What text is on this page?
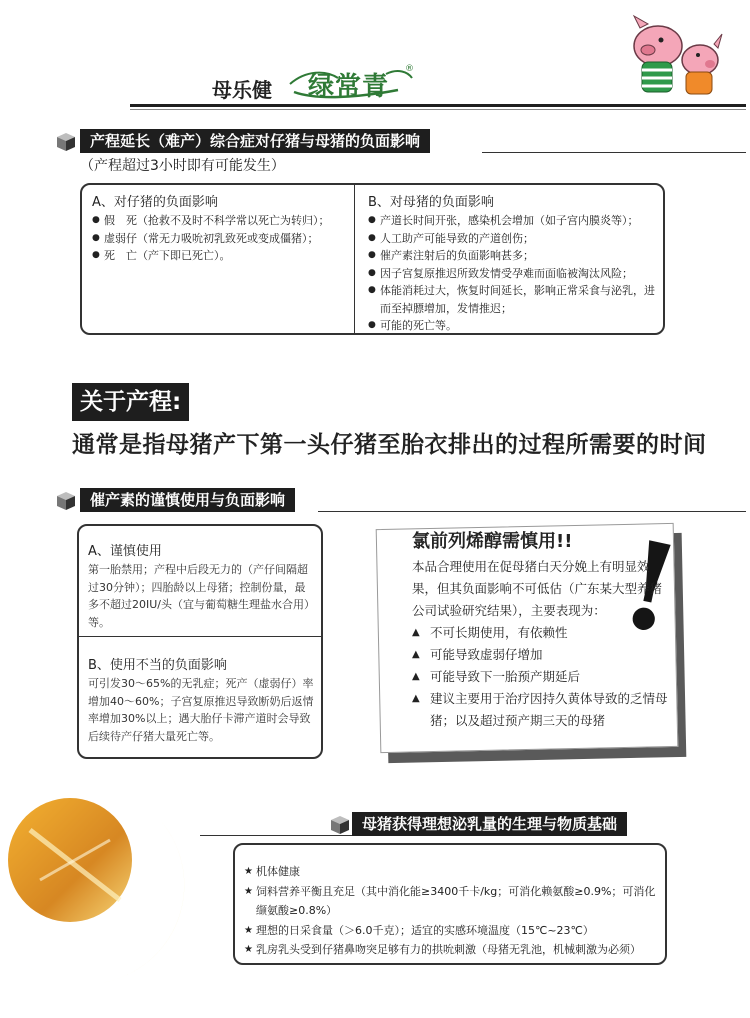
母乐健 绿常青
®
产程延长（难产）综合症对仔猪与母猪的负面影响
（产程超过3小时即有可能发生）
A、对仔猪的负面影响
● 假　死（抢救不及时不科学常以死亡为转归）；
● 虚弱仔（常无力吸吮初乳致死或变成僵猪）；
● 死　亡（产下即已死亡）。
B、对母猪的负面影响
● 产道长时间开张，感染机会增加（如子宫内膜炎等）；
● 人工助产可能导致的产道创伤；
● 催产素注射后的负面影响甚多；
● 因子宫复原推迟所致发情受孕难而面临被淘汰风险；
● 体能消耗过大，恢复时间延长，影响正常采食与泌乳，进而至掉膘增加，发情推迟；
● 可能的死亡等。
关于产程:
通常是指母猪产下第一头仔猪至胎衣排出的过程所需要的时间
催产素的谨慎使用与负面影响
A、谨慎使用
第一胎禁用；产程中后段无力的（产仔间隔超过30分钟）；四胎龄以上母猪；控制份量，最多不超过20IU/头（宜与葡萄糖生理盐水合用）等。
B、使用不当的负面影响
可引发30～65%的无乳症；死产（虚弱仔）率增加40～60%；子宫复原推迟导致断奶后返情率增加30%以上；遇大胎仔卡滞产道时会导致后续待产仔猪大量死亡等。
!
氯前列烯醇需慎用!!
本品合理使用在促母猪白天分娩上有明显效果，但其负面影响不可低估（广东某大型养猪公司试验研究结果），主要表现为：
▲ 不可长期使用，有依赖性
▲ 可能导致虚弱仔增加
▲ 可能导致下一胎预产期延后
▲ 建议主要用于治疗因持久黄体导致的乏情母猪；以及超过预产期三天的母猪
母猪获得理想泌乳量的生理与物质基础
★ 机体健康
★ 饲料营养平衡且充足（其中消化能≥3400千卡/kg；可消化赖氨酸≥0.9%；可消化缬氨酸≥0.8%）
★ 理想的日采食量（＞6.0千克）；适宜的实感环境温度（15℃~23℃）
★ 乳房乳头受到仔猪鼻吻突足够有力的拱吮刺激（母猪无乳池，机械刺激为必须）
